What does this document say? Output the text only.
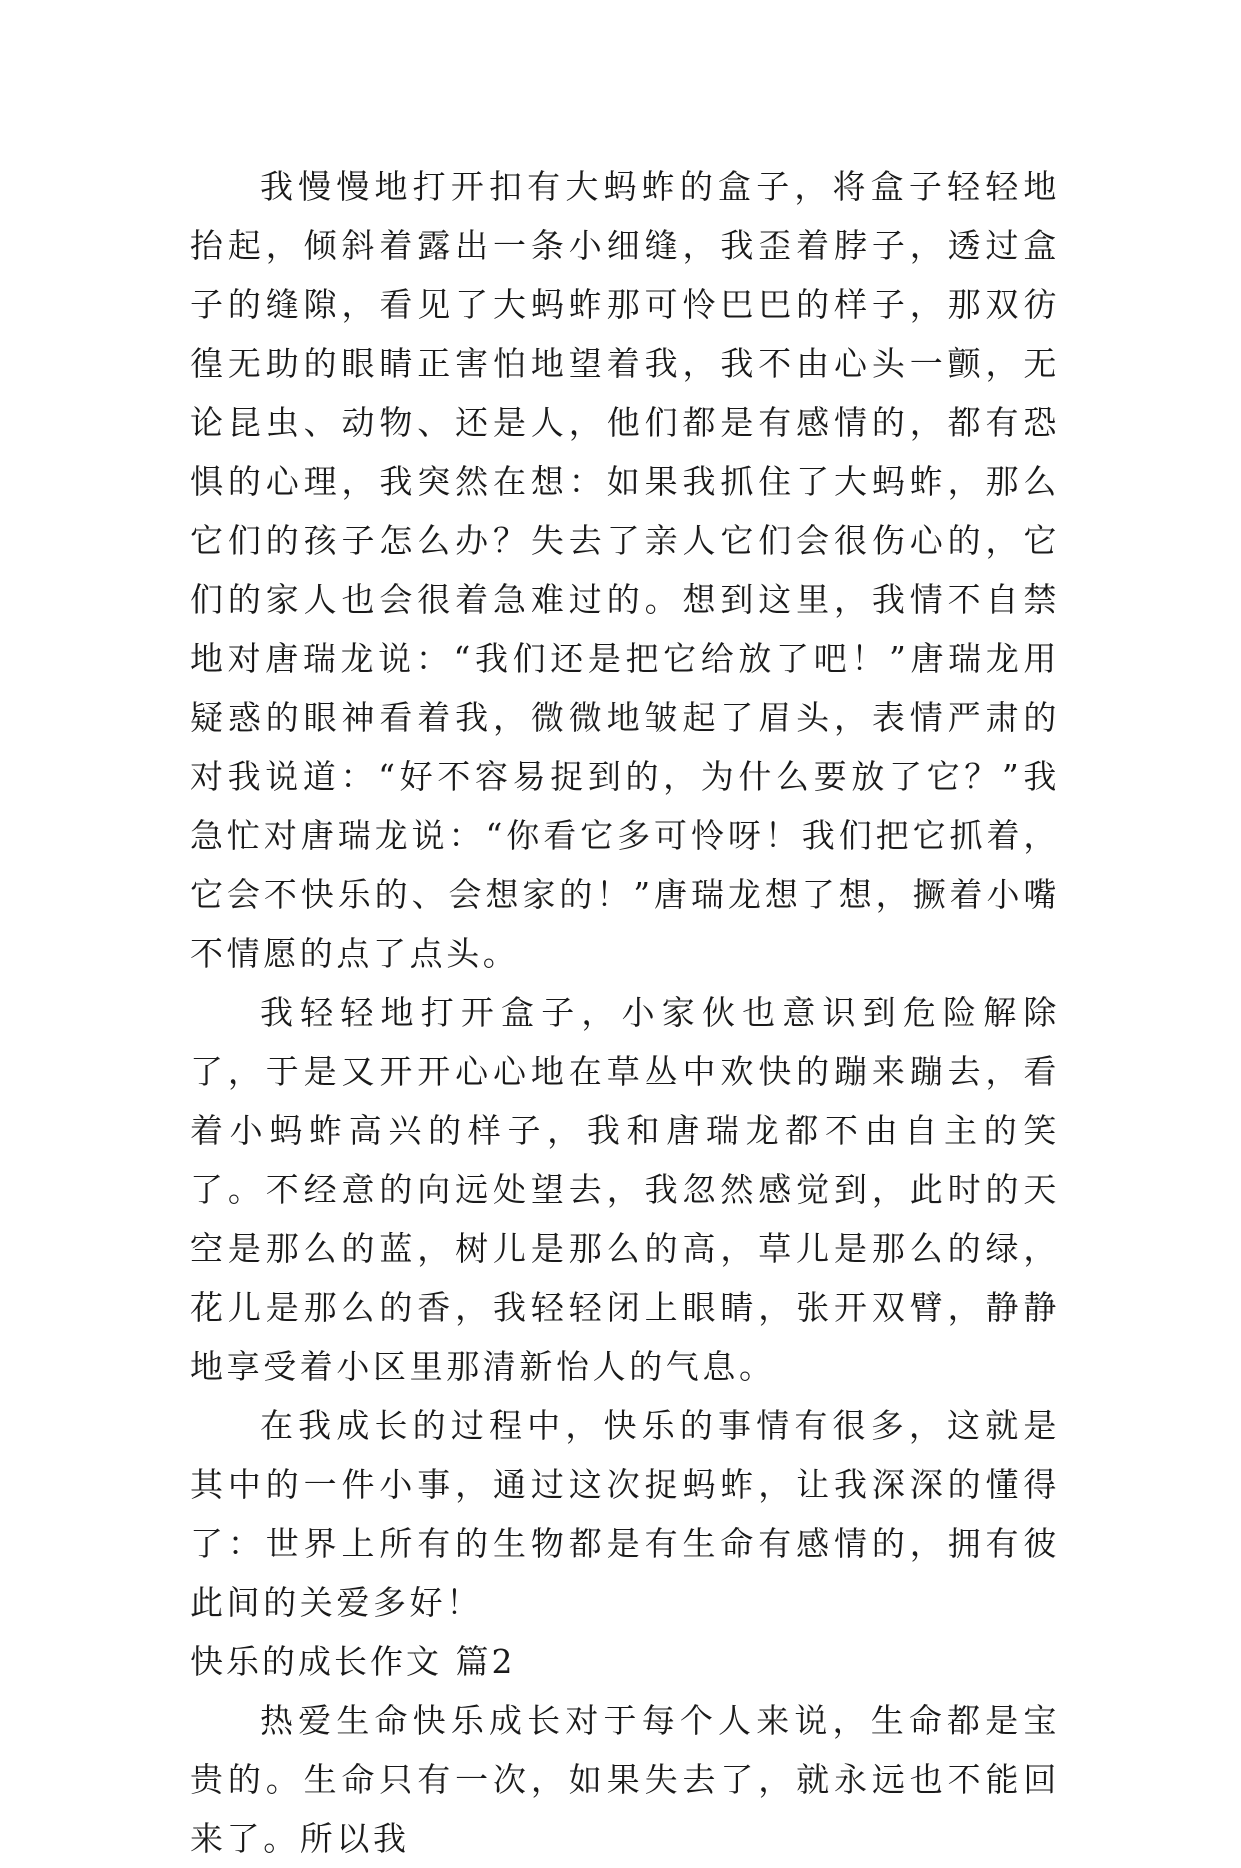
我慢慢地打开扣有大蚂蚱的盒子，将盒子轻轻地抬起，倾斜着露出一条小细缝，我歪着脖子，透过盒子的缝隙，看见了大蚂蚱那可怜巴巴的样子，那双彷徨无助的眼睛正害怕地望着我，我不由心头一颤，无论昆虫、动物、还是人，他们都是有感情的，都有恐惧的心理，我突然在想：如果我抓住了大蚂蚱，那么它们的孩子怎么办？失去了亲人它们会很伤心的，它们的家人也会很着急难过的。想到这里，我情不自禁地对唐瑞龙说：“我们还是把它给放了吧！”唐瑞龙用疑惑的眼神看着我，微微地皱起了眉头，表情严肃的对我说道：“好不容易捉到的，为什么要放了它？”我急忙对唐瑞龙说：“你看它多可怜呀！我们把它抓着，它会不快乐的、会想家的！”唐瑞龙想了想，撅着小嘴不情愿的点了点头。

我轻轻地打开盒子，小家伙也意识到危险解除了，于是又开开心心地在草丛中欢快的蹦来蹦去，看着小蚂蚱高兴的样子，我和唐瑞龙都不由自主的笑了。不经意的向远处望去，我忽然感觉到，此时的天空是那么的蓝，树儿是那么的高，草儿是那么的绿，花儿是那么的香，我轻轻闭上眼睛，张开双臂，静静地享受着小区里那清新怡人的气息。

在我成长的过程中，快乐的事情有很多，这就是其中的一件小事，通过这次捉蚂蚱，让我深深的懂得了：世界上所有的生物都是有生命有感情的，拥有彼此间的关爱多好！

快乐的成长作文 篇2

热爱生命快乐成长对于每个人来说，生命都是宝贵的。生命只有一次，如果失去了，就永远也不能回来了。所以我
